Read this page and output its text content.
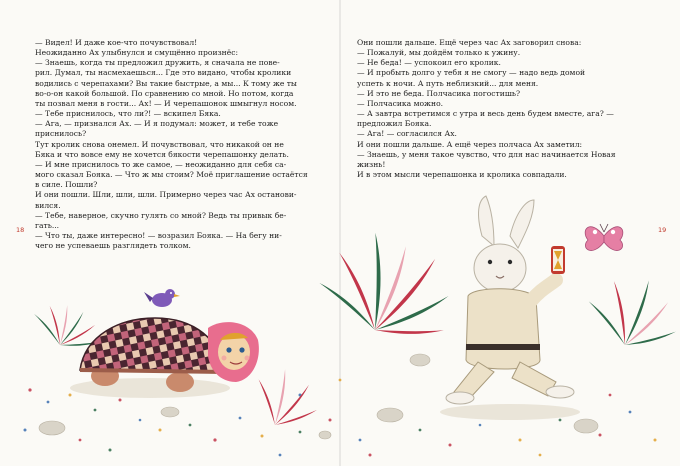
— Видел! И даже кое-что почувствовал!

Неожиданно Ах улыбнулся и смущённо произнёс:

— Знаешь, когда ты предложил дружить, я сначала не пове-

рил. Думал, ты насмехаешься... Где это видано, чтобы кролики

водились с черепахами? Вы такие быстрые, а мы... К тому же ты

во-о-он какой большой. По сравнению со мной. Но потом, когда

ты позвал меня в гости... Ах! — И черепашонок шмыгнул носом.

— Тебе приснилось, что ли?! — вскипел Бяка.

— Ага, — признался Ах. — И я подумал: может, и тебе тоже

приснилось?

Тут кролик снова онемел. И почувствовал, что никакой он не

Бяка и что вовсе ему не хочется бякости черепашонку делать.

— И мне приснилось то же самое, — неожиданно для себя са-

мого сказал Бояка. — Что ж мы стоим? Моё приглашение остаётся

в силе. Пошли?

И они пошли. Шли, шли, шли. Примерно через час Ах останови-

вился.

— Тебе, наверное, скучно гулять со мной? Ведь ты привык бе-

гать...

— Что ты, даже интересно! — возразил Бояка. — На бегу ни-

чего не успеваешь разглядеть толком.

Они пошли дальше. Ещё через час Ах заговорил снова:

— Пожалуй, мы дойдём только к ужину.

— Не беда! — успокоил его кролик.

— И пробыть долго у тебя я не смогу — надо ведь домой

успеть к ночи. А путь неблизкий... для меня.

— И это не беда. Полчасика погостишь?

— Полчасика можно.

— А завтра встретимся с утра и весь день будем вместе, ага? —

предложил Бояка.

— Ага! — согласился Ах.

И они пошли дальше. А ещё через полчаса Ах заметил:

— Знаешь, у меня такое чувство, что для нас начинается Новая

жизнь!

И в этом мысли черепашонка и кролика совпадали.

18	19
